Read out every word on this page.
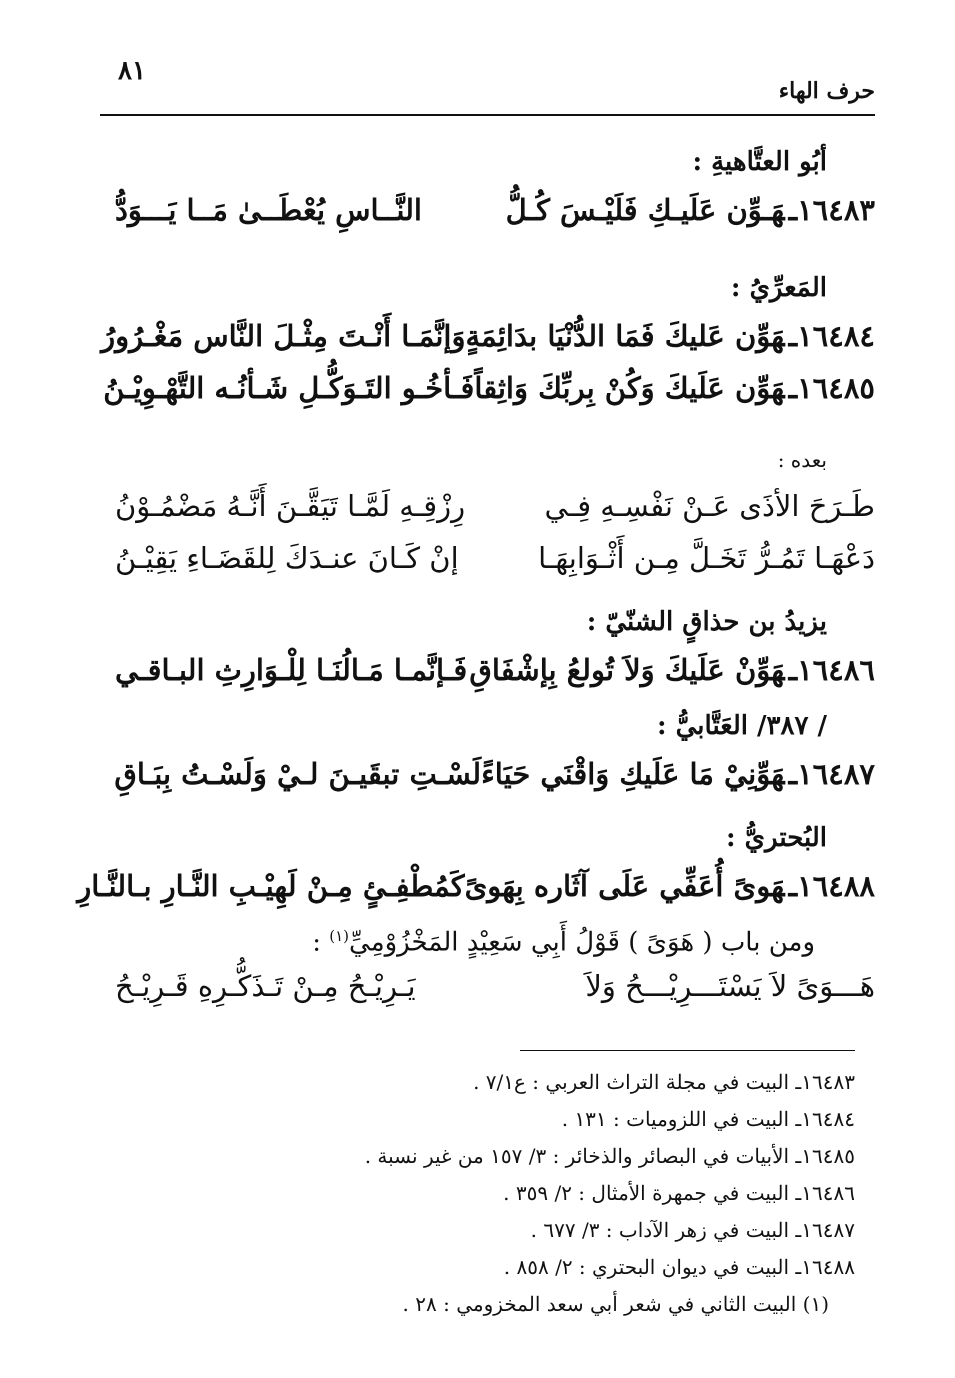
٨١
حرف الهاء
أبُو العتَّاهيةِ :
١٦٤٨٣ـهَـوِّن عَلَيـكِ فَلَيْـسَ كُـلُّ
النَّــاسِ يُعْطَــىٰ مَــا يَـــوَدُّ
المَعرِّيُ :
١٦٤٨٤ـهَوِّن عَليكَ فَمَا الدُّنْيَا بدَائِمَةٍ
وَإنَّمَـا أَنْـتَ مِثْـلَ النَّاس مَغْـرُورُ
١٦٤٨٥ـهَوِّن عَلَيكَ وَكُنْ بِربِّكَ وَاثِقاً
فَـأخُـو التَـوَكُّـلِ شَـأنُـه التَّهْـوِيْـنُ
بعده :
طَـرَحَ الأذَى عَـنْ نَفْسِـهِ فِـي
رِزْقِـهِ لَمَّـا تَيَقَّـنَ أَنَّـهُ مَضْمُـوْنُ
دَعْهَـا تَمُـرُّ تَخَـلَّ مِـن أَثْـوَابِهَـا
إنْ كَـانَ عنـدَكَ لِلقَضَـاءِ يَقِيْـنُ
يزيدُ بن حذاقٍ الشنّيّ :
١٦٤٨٦ـهَوِّنْ عَلَيكَ وَلاَ تُولعُ بِإشْفَاقِ
فَـإنَّمـا مَـالُنَـا لِلْـوَارِثِ البـاقـي
/ ٣٨٧/ العَتَّابيُّ :
١٦٤٨٧ـهَوِّنِيْ مَا عَلَيكِ وَاقْنَي حَيَاءً
لَسْـتِ تبقَيـنَ لـيْ وَلَسْـتُ بِبَـاقِ
البُحتريُّ :
١٦٤٨٨ـهَوىً أُعَفِّي عَلَى آثَاره بِهَوىً
كَمُطْفِـئٍ مِـنْ لَهِيْـبِ النَّـارِ بـالنَّـارِ
ومن باب ( هَوَىً ) قَوْلُ أَبِي سَعِيْدٍ المَخْزُوْمِيِّ$^{(١)}$ :
هَـــوَىً لاَ يَسْتَـــرِيْـــحُ وَلاَ
يَـرِيْـحُ مِـنْ تَـذَكُّـرِهِ قَـرِيْـحُ
١٦٤٨٣ـ البيت في مجلة التراث العربي : ع٧/١ .
١٦٤٨٤ـ البيت في اللزوميات : ١٣١ .
١٦٤٨٥ـ الأبيات في البصائر والذخائر : ٣/ ١٥٧ من غير نسبة .
١٦٤٨٦ـ البيت في جمهرة الأمثال : ٢/ ٣٥٩ .
١٦٤٨٧ـ البيت في زهر الآداب : ٣/ ٦٧٧ .
١٦٤٨٨ـ البيت في ديوان البحتري : ٢/ ٨٥٨ .
(١) البيت الثاني في شعر أبي سعد المخزومي : ٢٨ .
